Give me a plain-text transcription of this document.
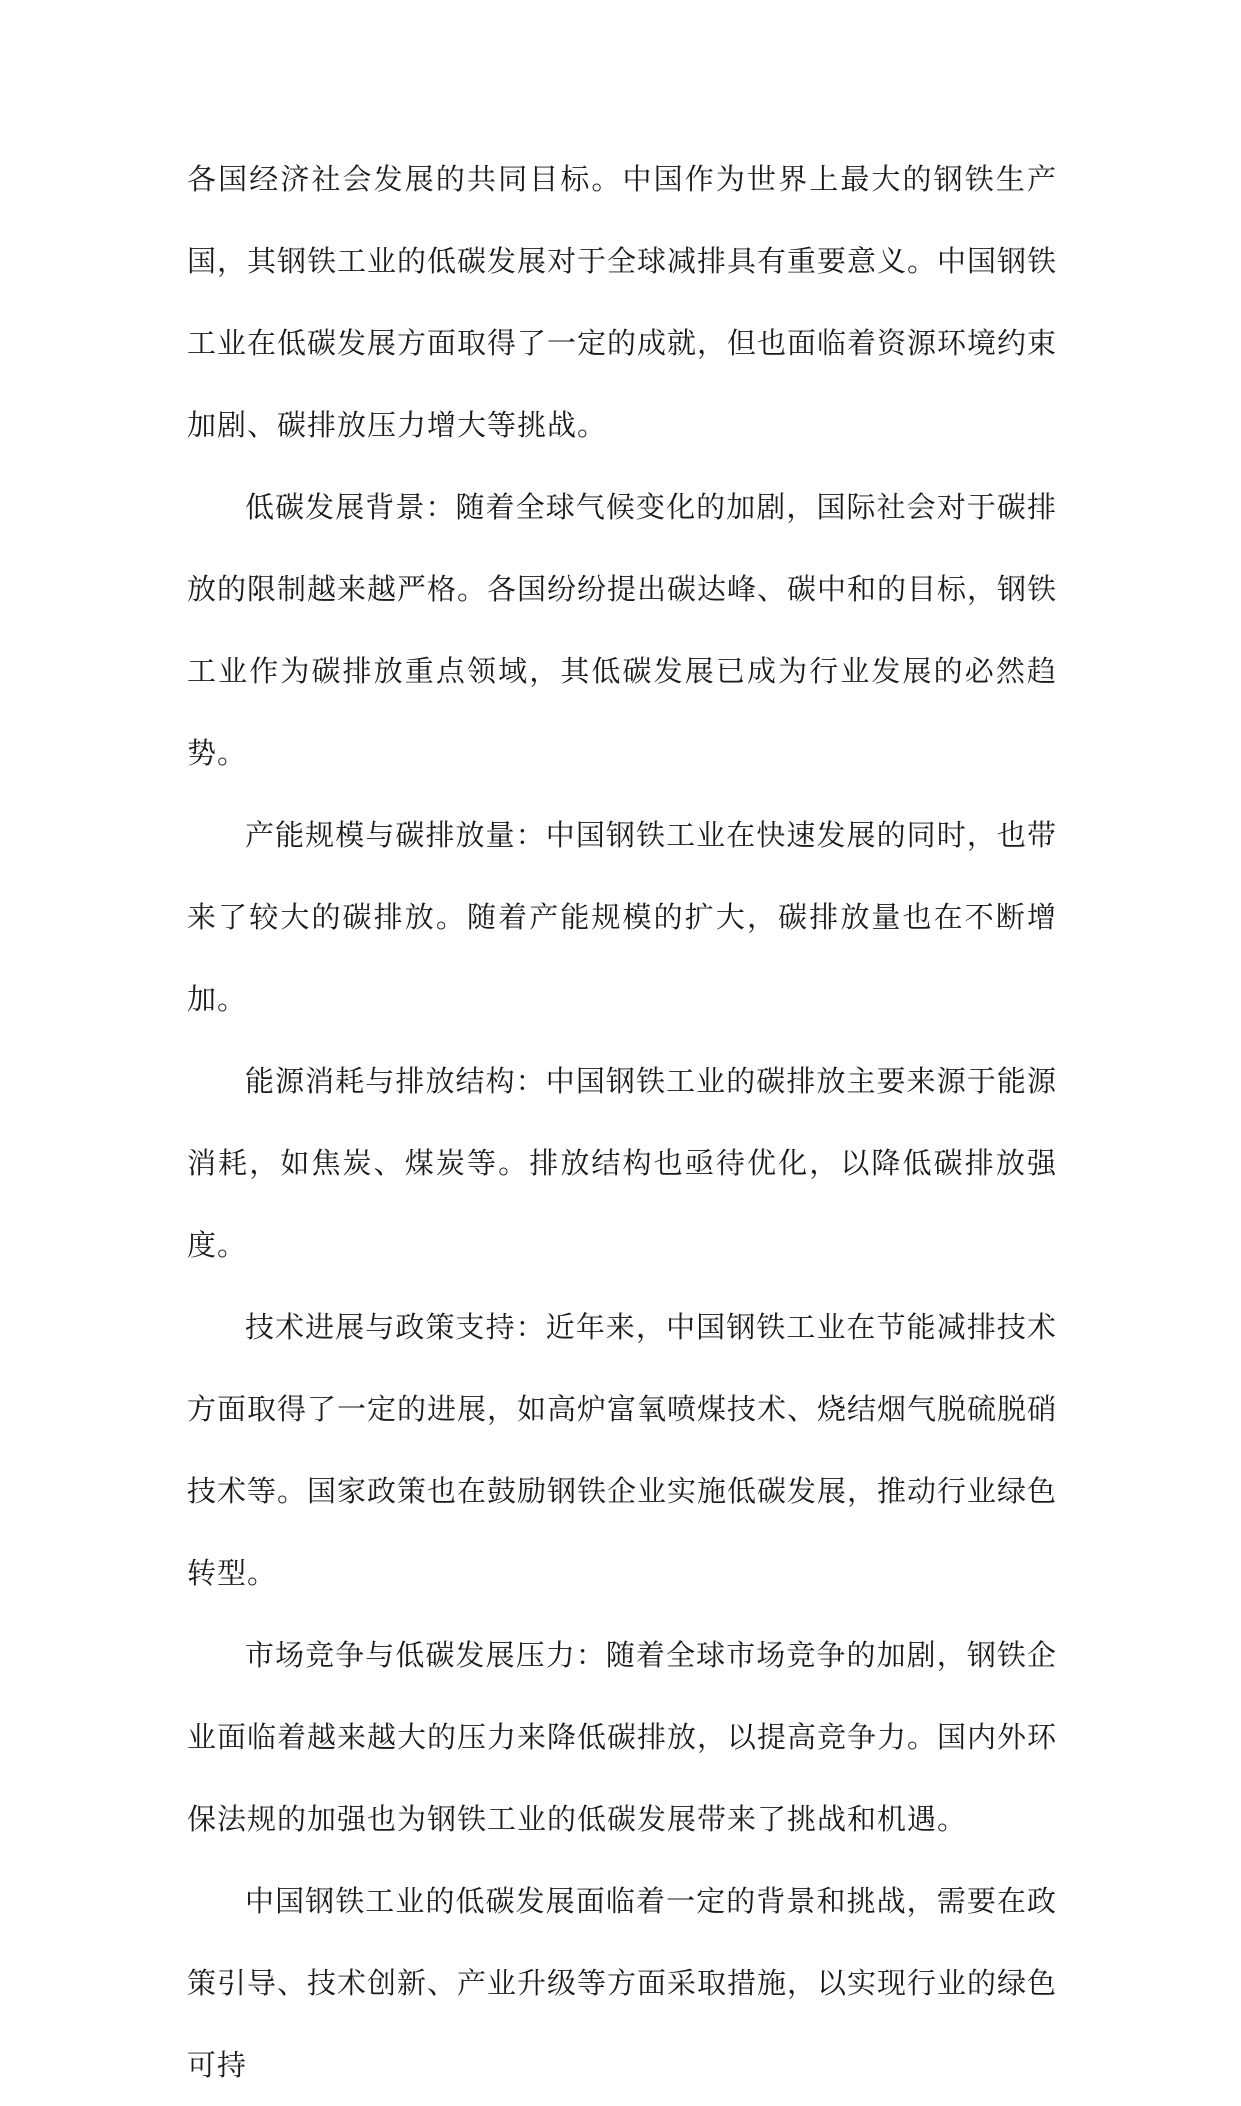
各国经济社会发展的共同目标。中国作为世界上最大的钢铁生产国，其钢铁工业的低碳发展对于全球减排具有重要意义。中国钢铁工业在低碳发展方面取得了一定的成就，但也面临着资源环境约束加剧、碳排放压力增大等挑战。

低碳发展背景：随着全球气候变化的加剧，国际社会对于碳排放的限制越来越严格。各国纷纷提出碳达峰、碳中和的目标，钢铁工业作为碳排放重点领域，其低碳发展已成为行业发展的必然趋势。

产能规模与碳排放量：中国钢铁工业在快速发展的同时，也带来了较大的碳排放。随着产能规模的扩大，碳排放量也在不断增加。

能源消耗与排放结构：中国钢铁工业的碳排放主要来源于能源消耗，如焦炭、煤炭等。排放结构也亟待优化，以降低碳排放强度。

技术进展与政策支持：近年来，中国钢铁工业在节能减排技术方面取得了一定的进展，如高炉富氧喷煤技术、烧结烟气脱硫脱硝技术等。国家政策也在鼓励钢铁企业实施低碳发展，推动行业绿色转型。

市场竞争与低碳发展压力：随着全球市场竞争的加剧，钢铁企业面临着越来越大的压力来降低碳排放，以提高竞争力。国内外环保法规的加强也为钢铁工业的低碳发展带来了挑战和机遇。

中国钢铁工业的低碳发展面临着一定的背景和挑战，需要在政策引导、技术创新、产业升级等方面采取措施，以实现行业的绿色可持
